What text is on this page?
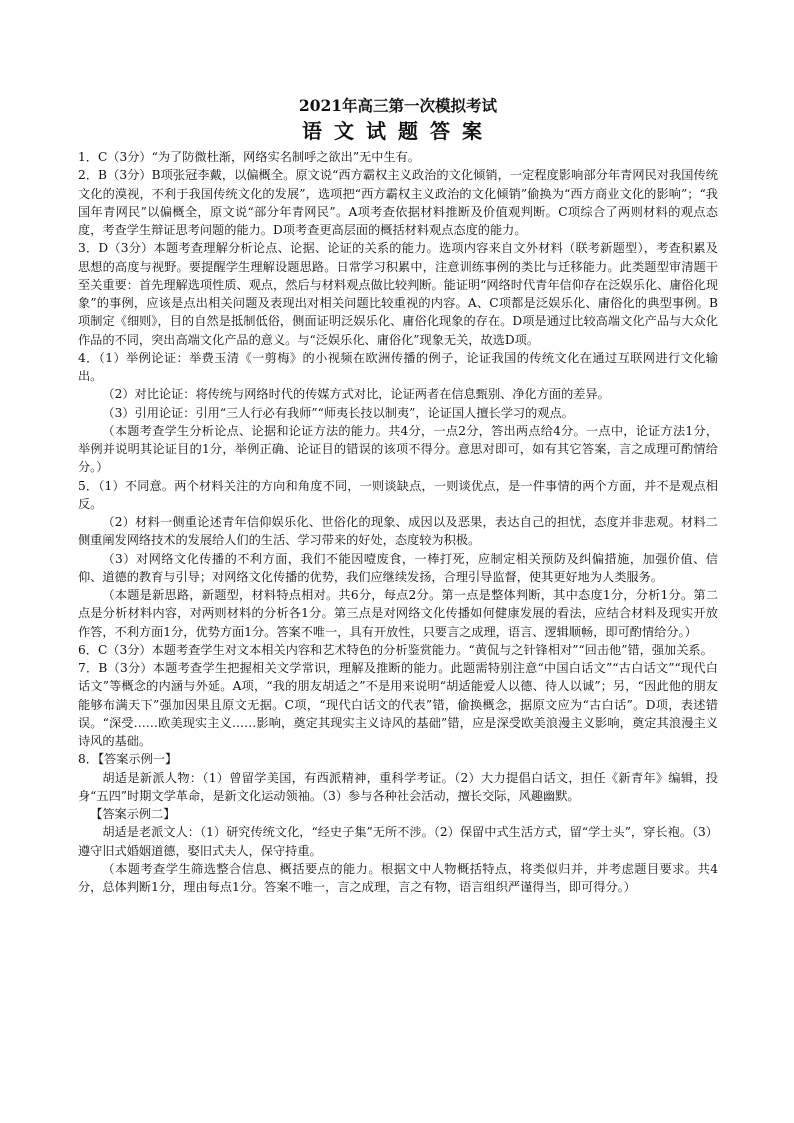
2021年高三第一次模拟考试
语文试题答案

1．C（3分）“为了防微杜渐，网络实名制呼之欲出”无中生有。

2．B（3分）B项张冠李戴，以偏概全。原文说“西方霸权主义政治的文化倾销，一定程度影响部分年青网民对我国传统文化的漠视，不利于我国传统文化的发展”，选项把“西方霸权主义政治的文化倾销”偷换为“西方商业文化的影响”；“我国年青网民”以偏概全，原文说“部分年青网民”。A项考查依据材料推断及价值观判断。C项综合了两则材料的观点态度，考查学生辩证思考问题的能力。D项考查更高层面的概括材料观点态度的能力。

3．D（3分）本题考查理解分析论点、论据、论证的关系的能力。选项内容来自文外材料（联考新题型），考查积累及思想的高度与视野。要提醒学生理解设题思路。日常学习积累中，注意训练事例的类比与迁移能力。此类题型审清题干至关重要：首先理解选项性质、观点，然后与材料观点做比较判断。能证明“网络时代青年信仰存在泛娱乐化、庸俗化现象”的事例，应该是点出相关问题及表现出对相关问题比较重视的内容。A、C项都是泛娱乐化、庸俗化的典型事例。B项制定《细则》，目的自然是抵制低俗，侧面证明泛娱乐化、庸俗化现象的存在。D项是通过比较高端文化产品与大众化作品的不同，突出高端文化产品的意义。与“泛娱乐化、庸俗化”现象无关，故选D项。

4．（1）举例论证：举费玉清《一剪梅》的小视频在欧洲传播的例子，论证我国的传统文化在通过互联网进行文化输出。

（2）对比论证：将传统与网络时代的传媒方式对比，论证两者在信息甄别、净化方面的差异。

（3）引用论证：引用“三人行必有我师”“师夷长技以制夷”，论证国人擅长学习的观点。

（本题考查学生分析论点、论据和论证方法的能力。共4分，一点2分，答出两点给4分。一点中，论证方法1分，举例并说明其论证目的1分，举例正确、论证目的错误的该项不得分。意思对即可，如有其它答案，言之成理可酌情给分。）

5．（1）不同意。两个材料关注的方向和角度不同，一则谈缺点，一则谈优点，是一件事情的两个方面，并不是观点相反。

（2）材料一侧重论述青年信仰娱乐化、世俗化的现象、成因以及恶果，表达自己的担忧，态度并非悲观。材料二侧重阐发网络技术的发展给人们的生活、学习带来的好处，态度较为积极。

（3）对网络文化传播的不利方面，我们不能因噎废食，一棒打死，应制定相关预防及纠偏措施，加强价值、信仰、道德的教育与引导；对网络文化传播的优势，我们应继续发扬，合理引导监督，使其更好地为人类服务。

（本题是新思路，新题型，材料特点相对。共6分，每点2分。第一点是整体判断，其中态度1分，分析1分。第二点是分析材料内容，对两则材料的分析各1分。第三点是对网络文化传播如何健康发展的看法，应结合材料及现实开放作答，不利方面1分，优势方面1分。答案不唯一，具有开放性，只要言之成理，语言、逻辑顺畅，即可酌情给分。）

6．C（3分）本题考查学生对文本相关内容和艺术特色的分析鉴赏能力。“黄侃与之针锋相对”“回击他”错，强加关系。

7．B（3分）本题考查学生把握相关文学常识，理解及推断的能力。此题需特别注意“中国白话文”“古白话文”“现代白话文”等概念的内涵与外延。A项，“我的朋友胡适之”不是用来说明“胡适能爱人以德、待人以诚”；另，“因此他的朋友能够布满天下”强加因果且原文无据。C项，“现代白话文的代表”错，偷换概念，据原文应为“古白话”。D项，表述错误。“深受……欧美现实主义……影响，奠定其现实主义诗风的基础”错，应是深受欧美浪漫主义影响，奠定其浪漫主义诗风的基础。

8．【答案示例一】

胡适是新派人物：（1）曾留学美国，有西派精神，重科学考证。（2）大力提倡白话文，担任《新青年》编辑，投身“五四”时期文学革命，是新文化运动领袖。（3）参与各种社会活动，擅长交际，风趣幽默。

【答案示例二】

胡适是老派文人：（1）研究传统文化，“经史子集”无所不涉。（2）保留中式生活方式，留“学士头”，穿长袍。（3）遵守旧式婚姻道德，娶旧式夫人，保守持重。

（本题考查学生筛选整合信息、概括要点的能力。根据文中人物概括特点，将类似归并，并考虑题目要求。共4分，总体判断1分，理由每点1分。答案不唯一，言之成理，言之有物，语言组织严谨得当，即可得分。）
